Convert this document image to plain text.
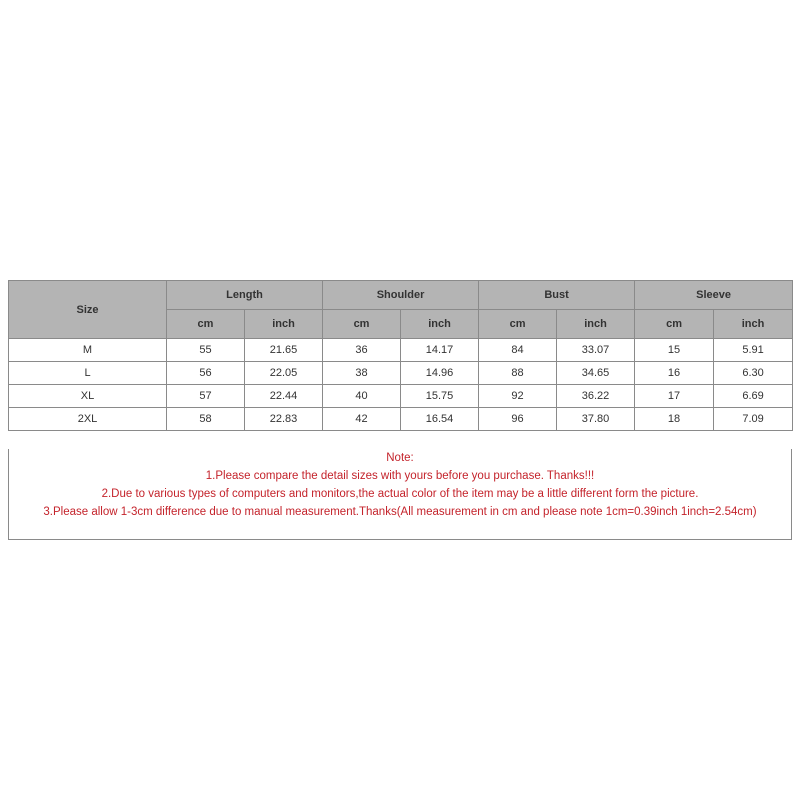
Size	Length		Shoulder		Bust		Sleeve	
	cm	inch	cm	inch	cm	inch	cm	inch
M	55	21.65	36	14.17	84	33.07	15	5.91
L	56	22.05	38	14.96	88	34.65	16	6.30
XL	57	22.44	40	15.75	92	36.22	17	6.69
2XL	58	22.83	42	16.54	96	37.80	18	7.09
Note:
1.Please compare the detail sizes with yours before you purchase. Thanks!!!
2.Due to various types of computers and monitors,the actual color of the item may be a little different form the picture.
3.Please allow 1-3cm difference due to manual measurement.Thanks(All measurement in cm and please note 1cm=0.39inch 1inch=2.54cm)
